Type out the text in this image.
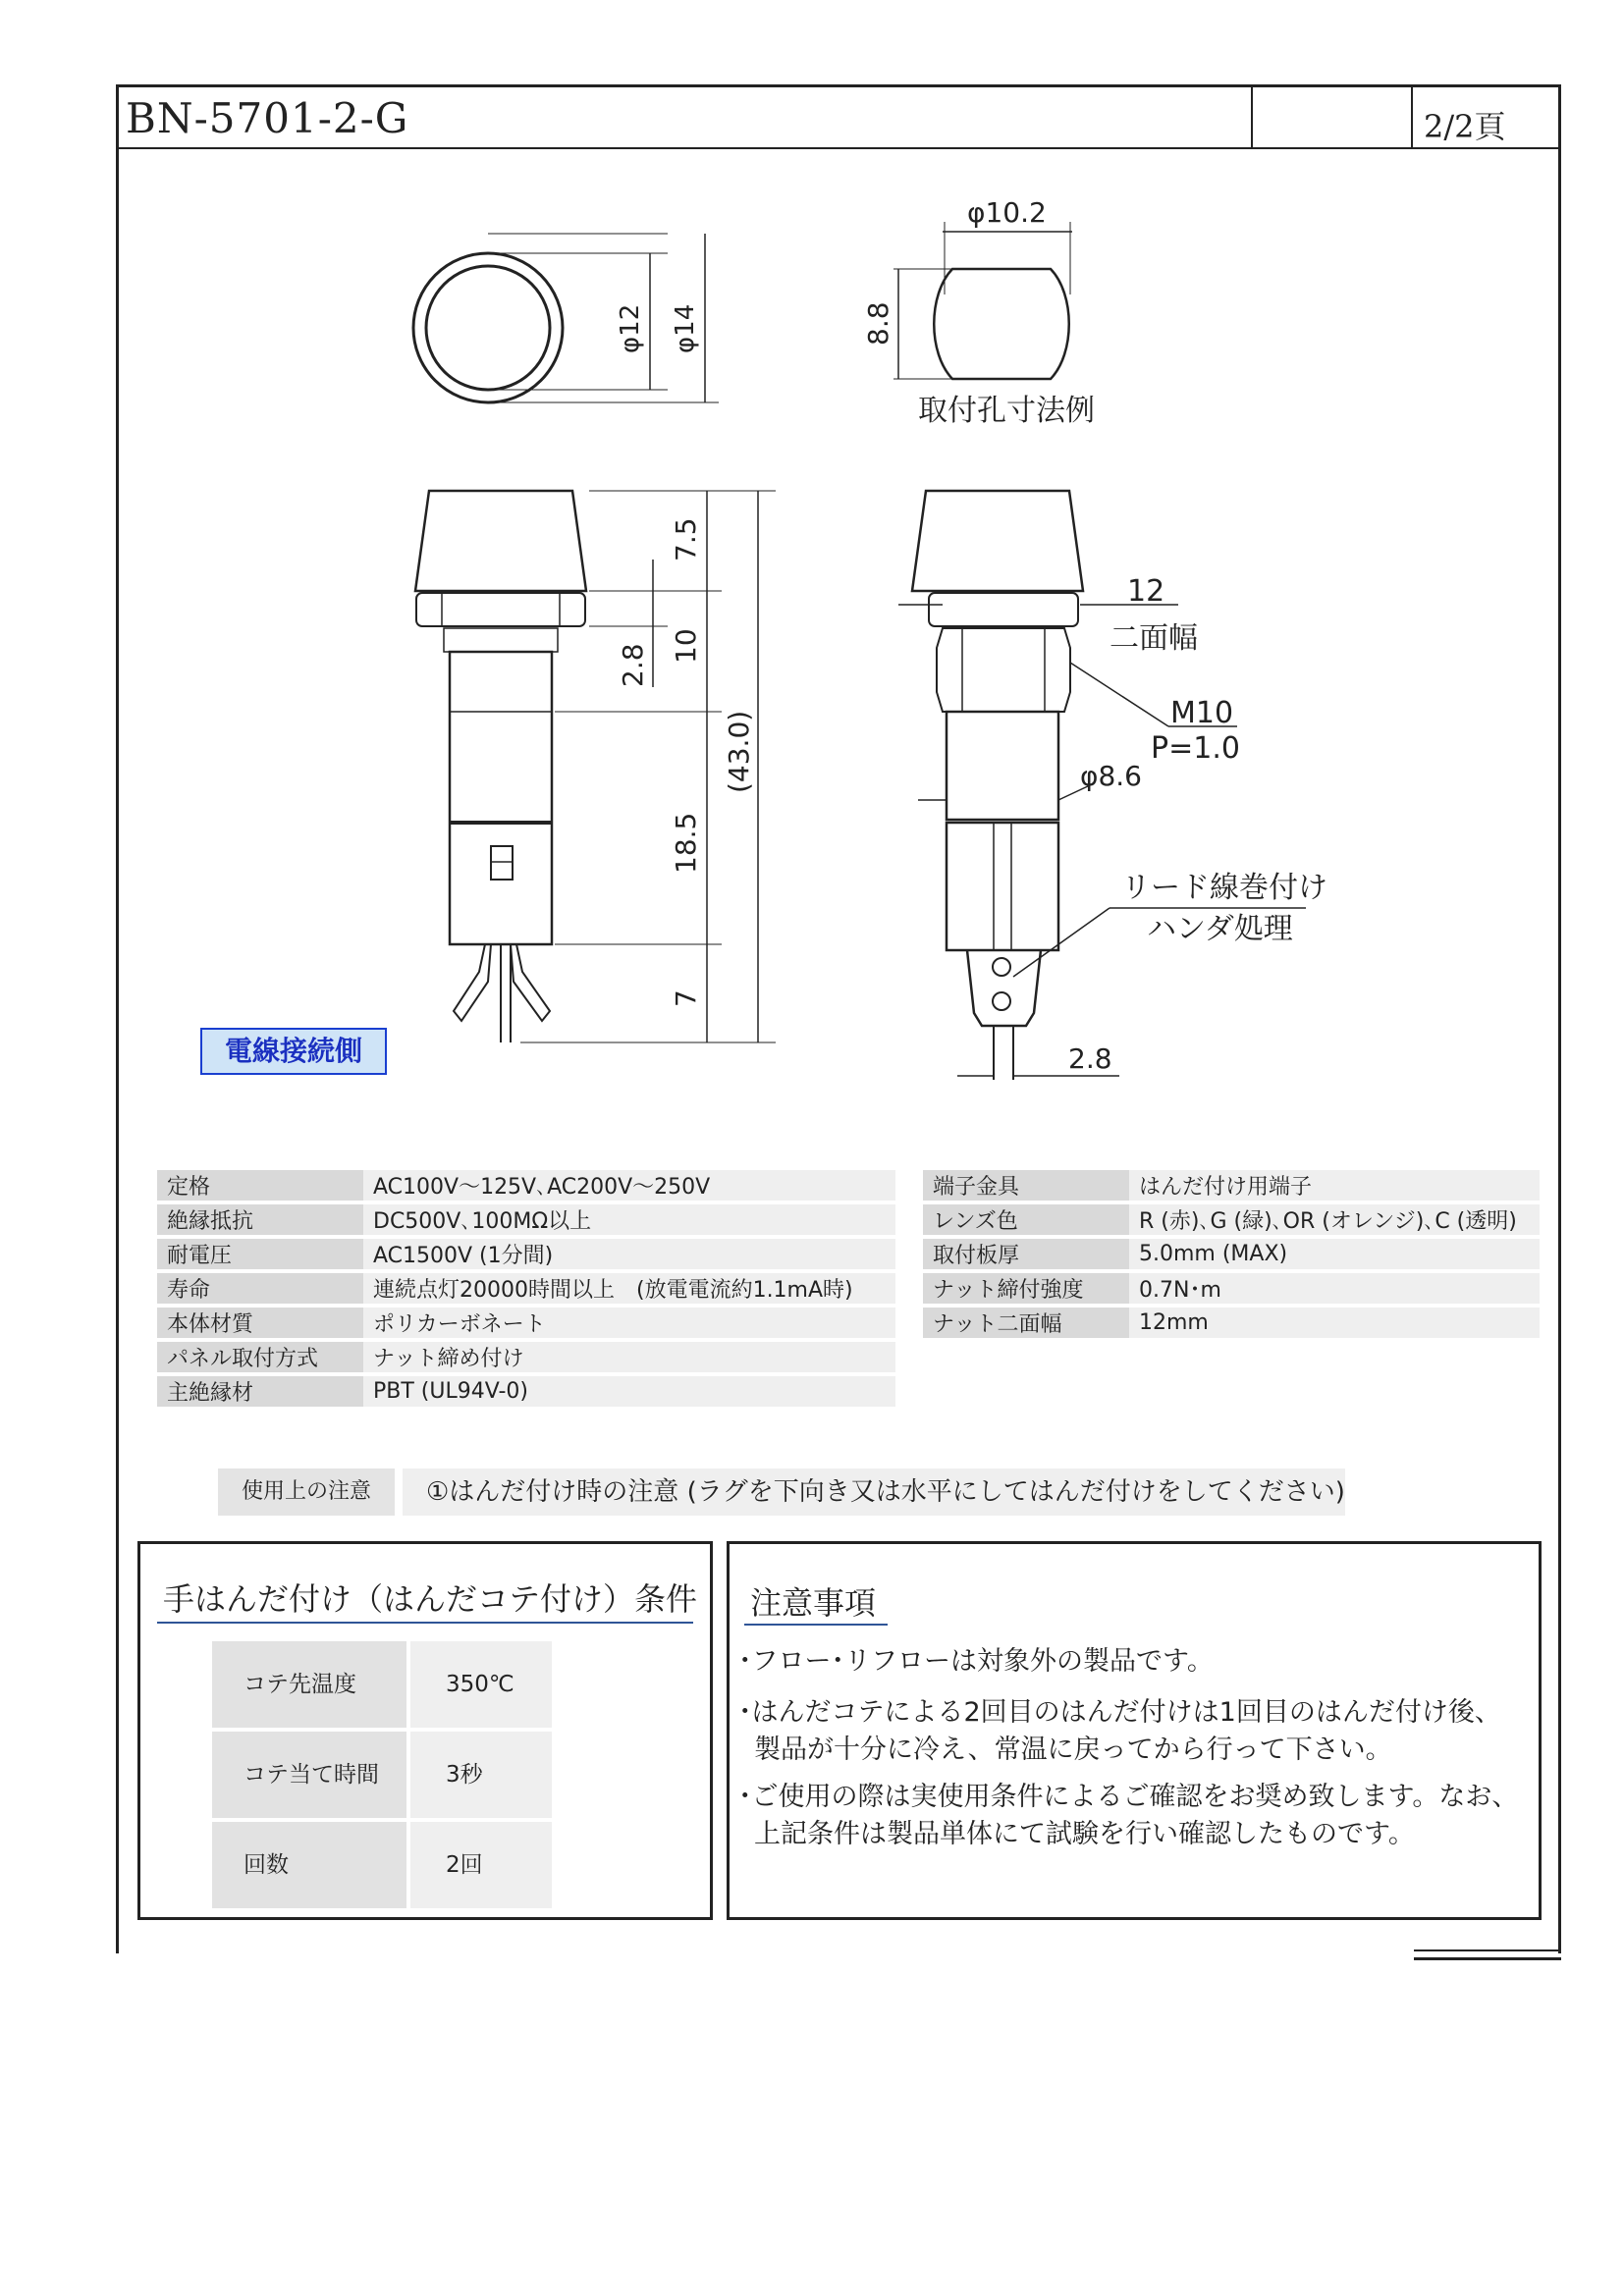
BN-5701-2-G	2/2頁
φ12 φ14
φ10.2
8.8
取付孔寸法例
7.5
2.8 10
18.5
(43.0)
7
12
二面幅
M10
P=1.0
φ8.6
リード線巻付け
ハンダ処理
2.8
電線接続側
定格	AC100V～125V､AC200V～250V
絶縁抵抗	DC500V､100MΩ以上
耐電圧	AC1500V (1分間)
寿命	連続点灯20000時間以上　(放電電流約1.1mA時)
本体材質	ポリカーボネート
パネル取付方式	ナット締め付け
主絶縁材	PBT (UL94V-0)
端子金具	はんだ付け用端子
レンズ色	R (赤)､G (緑)､OR (オレンジ)､C (透明)
取付板厚	5.0mm (MAX)
ナット締付強度	0.7N･m
ナット二面幅	12mm
使用上の注意	①はんだ付け時の注意 (ラグを下向き又は水平にしてはんだ付けをしてください)
手はんだ付け（はんだコテ付け）条件
コテ先温度	350℃
コテ当て時間	3秒
回数	2回
注意事項
･フロー･リフローは対象外の製品です。
･はんだコテによる2回目のはんだ付けは1回目のはんだ付け後、
製品が十分に冷え、常温に戻ってから行って下さい。
･ご使用の際は実使用条件によるご確認をお奨め致します。なお、
上記条件は製品単体にて試験を行い確認したものです。
